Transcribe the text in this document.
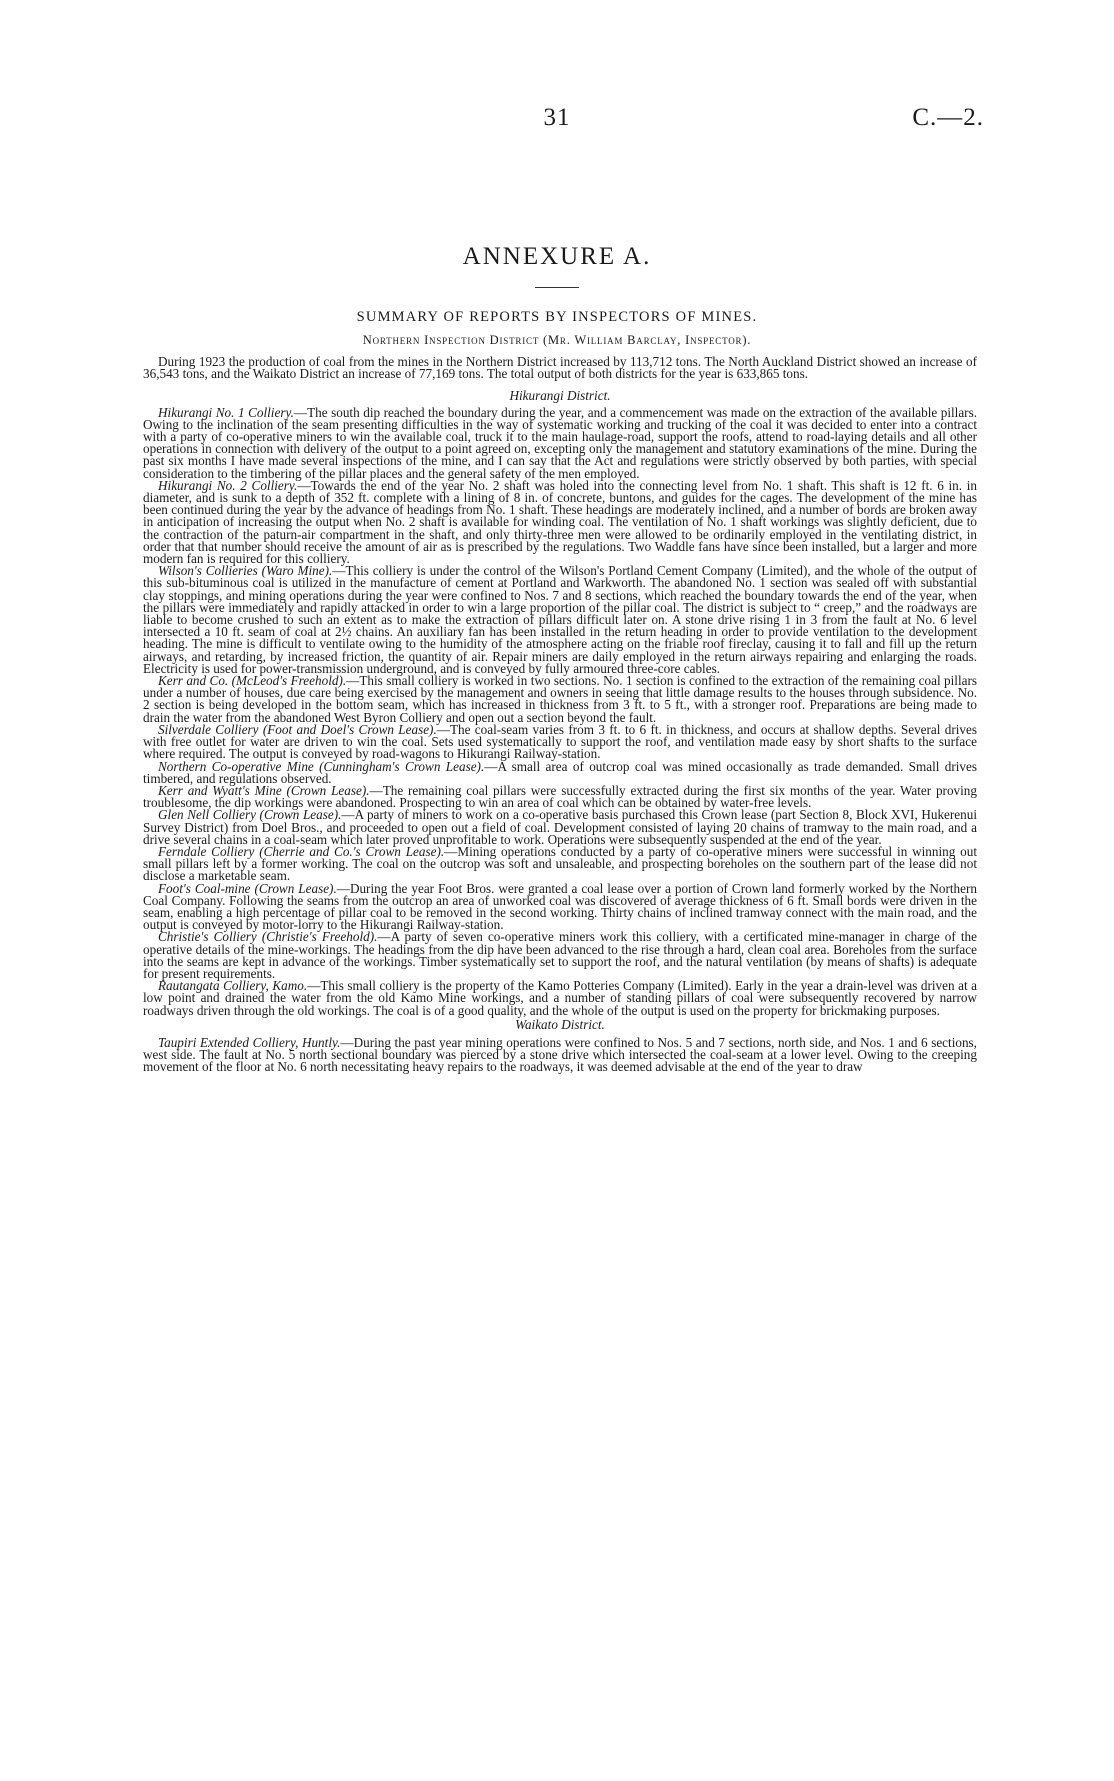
31	C.—2.
ANNEXURE A.
SUMMARY OF REPORTS BY INSPECTORS OF MINES.
Northern Inspection District (Mr. William Barclay, Inspector).

During 1923 the production of coal from the mines in the Northern District increased by 113,712 tons. The North Auckland District showed an increase of 36,543 tons, and the Waikato District an increase of 77,169 tons. The total output of both districts for the year is 633,865 tons.

Hikurangi District.

Hikurangi No. 1 Colliery.—The south dip reached the boundary during the year, and a commencement was made on the extraction of the available pillars. Owing to the inclination of the seam presenting difficulties in the way of systematic working and trucking of the coal it was decided to enter into a contract with a party of co-operative miners to win the available coal, truck it to the main haulage-road, support the roofs, attend to road-laying details and all other operations in connection with delivery of the output to a point agreed on, excepting only the management and statutory examinations of the mine. During the past six months I have made several inspections of the mine, and I can say that the Act and regulations were strictly observed by both parties, with special consideration to the timbering of the pillar places and the general safety of the men employed.

Hikurangi No. 2 Colliery.—Towards the end of the year No. 2 shaft was holed into the connecting level from No. 1 shaft. This shaft is 12 ft. 6 in. in diameter, and is sunk to a depth of 352 ft. complete with a lining of 8 in. of concrete, buntons, and guides for the cages. The development of the mine has been continued during the year by the advance of headings from No. 1 shaft. These headings are moderately inclined, and a number of bords are broken away in anticipation of increasing the output when No. 2 shaft is available for winding coal. The ventilation of No. 1 shaft workings was slightly deficient, due to the contraction of the paturn-air compartment in the shaft, and only thirty-three men were allowed to be ordinarily employed in the ventilating district, in order that that number should receive the amount of air as is prescribed by the regulations. Two Waddle fans have since been installed, but a larger and more modern fan is required for this colliery.

Wilson's Collieries (Waro Mine).—This colliery is under the control of the Wilson's Portland Cement Company (Limited), and the whole of the output of this sub-bituminous coal is utilized in the manufacture of cement at Portland and Warkworth. The abandoned No. 1 section was sealed off with substantial clay stoppings, and mining operations during the year were confined to Nos. 7 and 8 sections, which reached the boundary towards the end of the year, when the pillars were immediately and rapidly attacked in order to win a large proportion of the pillar coal. The district is subject to “ creep,” and the roadways are liable to become crushed to such an extent as to make the extraction of pillars difficult later on. A stone drive rising 1 in 3 from the fault at No. 6 level intersected a 10 ft. seam of coal at 2½ chains. An auxiliary fan has been installed in the return heading in order to provide ventilation to the development heading. The mine is difficult to ventilate owing to the humidity of the atmosphere acting on the friable roof fireclay, causing it to fall and fill up the return airways, and retarding, by increased friction, the quantity of air. Repair miners are daily employed in the return airways repairing and enlarging the roads. Electricity is used for power-transmission underground, and is conveyed by fully armoured three-core cables.

Kerr and Co. (McLeod's Freehold).—This small colliery is worked in two sections. No. 1 section is confined to the extraction of the remaining coal pillars under a number of houses, due care being exercised by the management and owners in seeing that little damage results to the houses through subsidence. No. 2 section is being developed in the bottom seam, which has increased in thickness from 3 ft. to 5 ft., with a stronger roof. Preparations are being made to drain the water from the abandoned West Byron Colliery and open out a section beyond the fault.

Silverdale Colliery (Foot and Doel's Crown Lease).—The coal-seam varies from 3 ft. to 6 ft. in thickness, and occurs at shallow depths. Several drives with free outlet for water are driven to win the coal. Sets used systematically to support the roof, and ventilation made easy by short shafts to the surface where required. The output is conveyed by road-wagons to Hikurangi Railway-station.

Northern Co-operative Mine (Cunningham's Crown Lease).—A small area of outcrop coal was mined occasionally as trade demanded. Small drives timbered, and regulations observed.

Kerr and Wyatt's Mine (Crown Lease).—The remaining coal pillars were successfully extracted during the first six months of the year. Water proving troublesome, the dip workings were abandoned. Prospecting to win an area of coal which can be obtained by water-free levels.

Glen Nell Colliery (Crown Lease).—A party of miners to work on a co-operative basis purchased this Crown lease (part Section 8, Block XVI, Hukerenui Survey District) from Doel Bros., and proceeded to open out a field of coal. Development consisted of laying 20 chains of tramway to the main road, and a drive several chains in a coal-seam which later proved unprofitable to work. Operations were subsequently suspended at the end of the year.

Ferndale Colliery (Cherrie and Co.'s Crown Lease).—Mining operations conducted by a party of co-operative miners were successful in winning out small pillars left by a former working. The coal on the outcrop was soft and unsaleable, and prospecting boreholes on the southern part of the lease did not disclose a marketable seam.

Foot's Coal-mine (Crown Lease).—During the year Foot Bros. were granted a coal lease over a portion of Crown land formerly worked by the Northern Coal Company. Following the seams from the outcrop an area of unworked coal was discovered of average thickness of 6 ft. Small bords were driven in the seam, enabling a high percentage of pillar coal to be removed in the second working. Thirty chains of inclined tramway connect with the main road, and the output is conveyed by motor-lorry to the Hikurangi Railway-station.

Christie's Colliery (Christie's Freehold).—A party of seven co-operative miners work this colliery, with a certificated mine-manager in charge of the operative details of the mine-workings. The headings from the dip have been advanced to the rise through a hard, clean coal area. Boreholes from the surface into the seams are kept in advance of the workings. Timber systematically set to support the roof, and the natural ventilation (by means of shafts) is adequate for present requirements.

Rautangata Colliery, Kamo.—This small colliery is the property of the Kamo Potteries Company (Limited). Early in the year a drain-level was driven at a low point and drained the water from the old Kamo Mine workings, and a number of standing pillars of coal were subsequently recovered by narrow roadways driven through the old workings. The coal is of a good quality, and the whole of the output is used on the property for brickmaking purposes.

Waikato District.

Taupiri Extended Colliery, Huntly.—During the past year mining operations were confined to Nos. 5 and 7 sections, north side, and Nos. 1 and 6 sections, west side. The fault at No. 5 north sectional boundary was pierced by a stone drive which intersected the coal-seam at a lower level. Owing to the creeping movement of the floor at No. 6 north necessitating heavy repairs to the roadways, it was deemed advisable at the end of the year to draw
